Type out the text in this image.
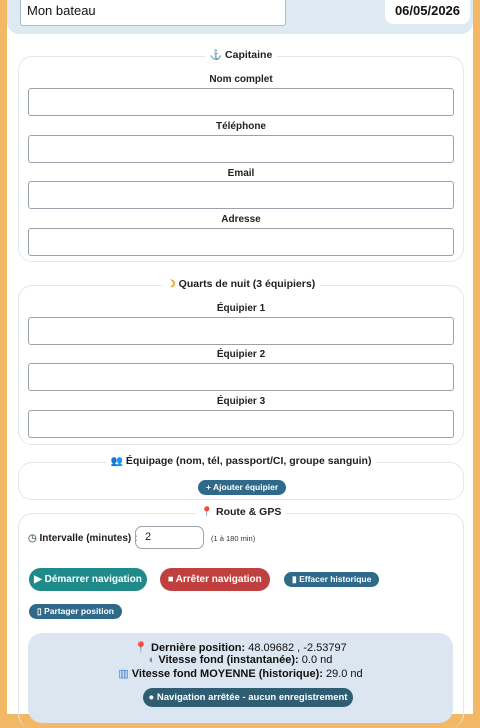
Mon bateau	06/05/2026
⚓ Capitaine
Nom complet
Téléphone
Email
Adresse
☽ Quarts de nuit (3 équipiers)
Équipier 1
Équipier 2
Équipier 3
👥 Équipage (nom, tél, passport/CI, groupe sanguin)
+ Ajouter équipier
📍 Route & GPS
◷ Intervalle (minutes) : 2	(1 à 180 min)
▶ Démarrer navigation	⏹ Arrêter navigation	▮ Effacer historique
▯ Partager position
📍 Dernière position: 48.09682 , -2.53797
◐ Vitesse fond (instantanée): 0.0 nd
▥ Vitesse fond MOYENNE (historique): 29.0 nd
● Navigation arrêtée - aucun enregistrement
